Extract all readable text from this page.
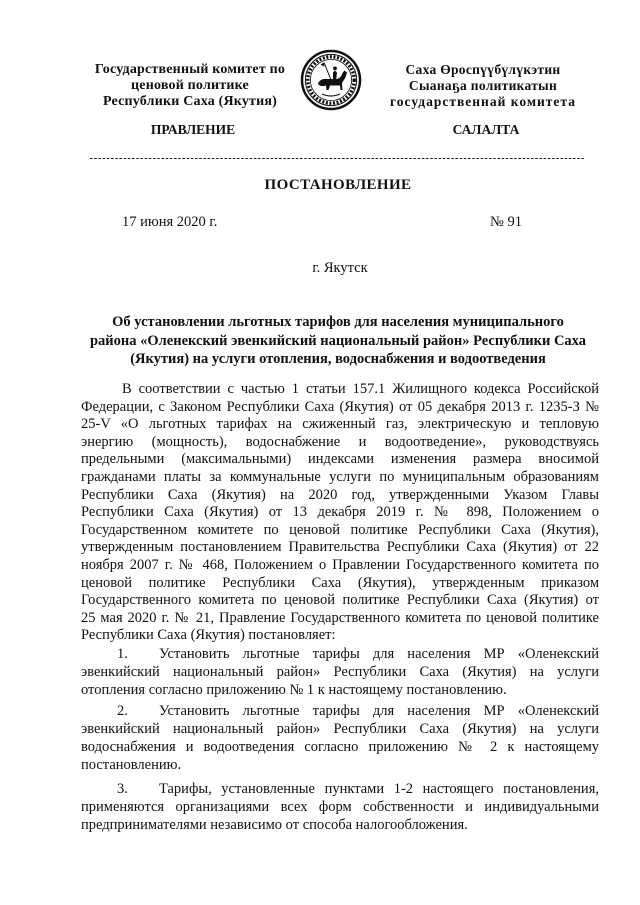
Государственный комитет по
ценовой политике
Республики Саха (Якутия)
Саха Өроспүүбүлүкэтин
Сыанаҕа политикатын
государственнай комитета
ПРАВЛЕНИЕ	САЛАЛТА
ПОСТАНОВЛЕНИЕ
17 июня 2020 г.	№ 91
г. Якутск
Об установлении льготных тарифов для населения муниципального
района «Оленекский эвенкийский национальный район» Республики Саха
(Якутия) на услуги отопления, водоснабжения и водоотведения
В соответствии с частью 1 статьи 157.1 Жилищного кодекса Российской
Федерации, с Законом Республики Саха (Якутия) от 05 декабря 2013 г. 1235-З №
25-V «О льготных тарифах на сжиженный газ, электрическую и тепловую
энергию (мощность), водоснабжение и водоотведение», руководствуясь
предельными (максимальными) индексами изменения размера вносимой
гражданами платы за коммунальные услуги по муниципальным образованиям
Республики Саха (Якутия) на 2020 год, утвержденными Указом Главы
Республики Саха (Якутия) от 13 декабря 2019 г. № 898, Положением о
Государственном комитете по ценовой политике Республики Саха (Якутия),
утвержденным постановлением Правительства Республики Саха (Якутия) от 22
ноября 2007 г. № 468, Положением о Правлении Государственного комитета по
ценовой политике Республики Саха (Якутия), утвержденным приказом
Государственного комитета по ценовой политике Республики Саха (Якутия) от
25 мая 2020 г. № 21, Правление Государственного комитета по ценовой политике
Республики Саха (Якутия) постановляет:
1.	Установить льготные тарифы для населения МР «Оленекский
эвенкийский национальный район» Республики Саха (Якутия) на услуги
отопления согласно приложению № 1 к настоящему постановлению.
2.	Установить льготные тарифы для населения МР «Оленекский
эвенкийский национальный район» Республики Саха (Якутия) на услуги
водоснабжения и водоотведения согласно приложению № 2 к настоящему
постановлению.
3.	Тарифы, установленные пунктами 1-2 настоящего постановления,
применяются организациями всех форм собственности и индивидуальными
предпринимателями независимо от способа налогообложения.
